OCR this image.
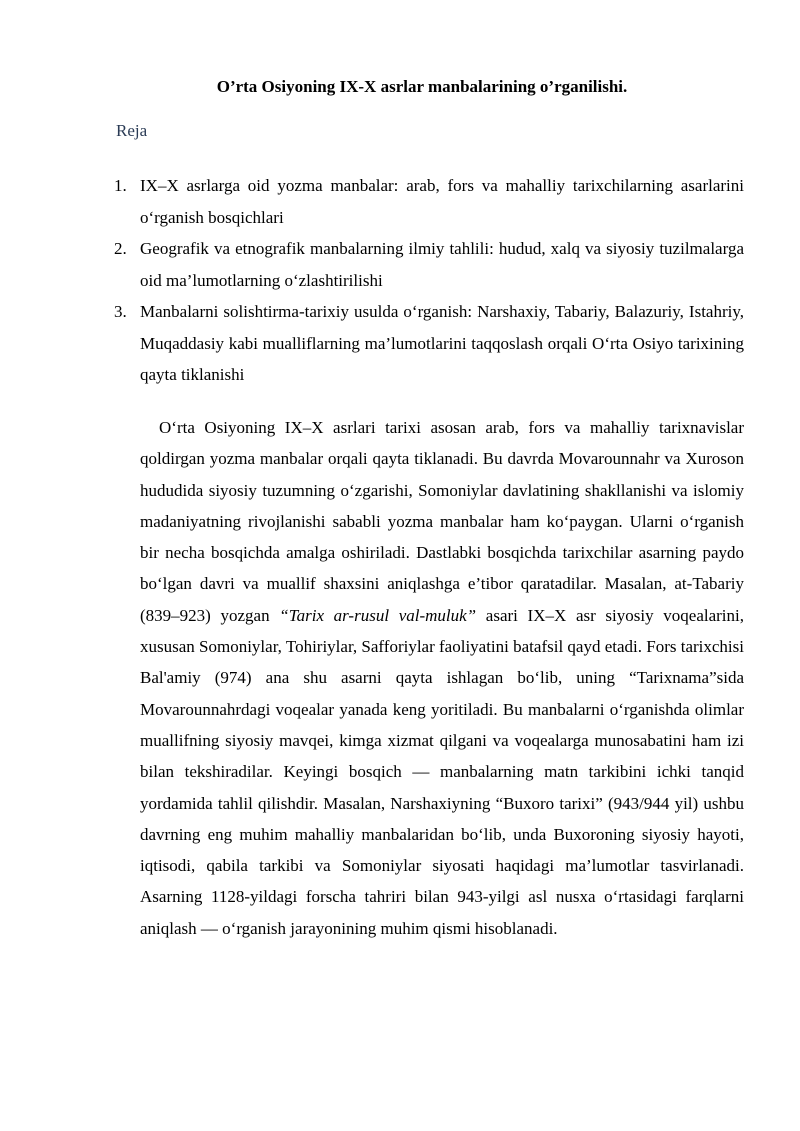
O’rta Osiyoning IX-X asrlar manbalarining o’rganilishi.

Reja

1. IX–X asrlarga oid yozma manbalar: arab, fors va mahalliy tarixchilarning asarlarini o‘rganish bosqichlari
2. Geografik va etnografik manbalarning ilmiy tahlili: hudud, xalq va siyosiy tuzilmalarga oid ma’lumotlarning o‘zlashtirilishi
3. Manbalarni solishtirma-tarixiy usulda o‘rganish: Narshaxiy, Tabariy, Balazuriy, Istahriy, Muqaddasiy kabi mualliflarning ma’lumotlarini taqqoslash orqali O‘rta Osiyo tarixining qayta tiklanishi

O‘rta Osiyoning IX–X asrlari tarixi asosan arab, fors va mahalliy tarixnavislar qoldirgan yozma manbalar orqali qayta tiklanadi. Bu davrda Movarounnahr va Xuroson hududida siyosiy tuzumning o‘zgarishi, Somoniylar davlatining shakllanishi va islomiy madaniyatning rivojlanishi sababli yozma manbalar ham ko‘paygan. Ularni o‘rganish bir necha bosqichda amalga oshiriladi. Dastlabki bosqichda tarixchilar asarning paydo bo‘lgan davri va muallif shaxsini aniqlashga e’tibor qaratadilar. Masalan, at-Tabariy (839–923) yozgan “Tarix ar-rusul val-muluk” asari IX–X asr siyosiy voqealarini, xususan Somoniylar, Tohiriylar, Safforiylar faoliyatini batafsil qayd etadi. Fors tarixchisi Bal'amiy (974) ana shu asarni qayta ishlagan bo‘lib, uning “Tarixnama”sida Movarounnahrdagi voqealar yanada keng yoritiladi. Bu manbalarni o‘rganishda olimlar muallifning siyosiy mavqei, kimga xizmat qilgani va voqealarga munosabatini ham izi bilan tekshiradilar. Keyingi bosqich — manbalarning matn tarkibini ichki tanqid yordamida tahlil qilishdir. Masalan, Narshaxiyning “Buxoro tarixi” (943/944 yil) ushbu davrning eng muhim mahalliy manbalaridan bo‘lib, unda Buxoroning siyosiy hayoti, iqtisodi, qabila tarkibi va Somoniylar siyosati haqidagi ma’lumotlar tasvirlanadi. Asarning 1128-yildagi forscha tahriri bilan 943-yilgi asl nusxa o‘rtasidagi farqlarni aniqlash — o‘rganish jarayonining muhim qismi hisoblanadi.
